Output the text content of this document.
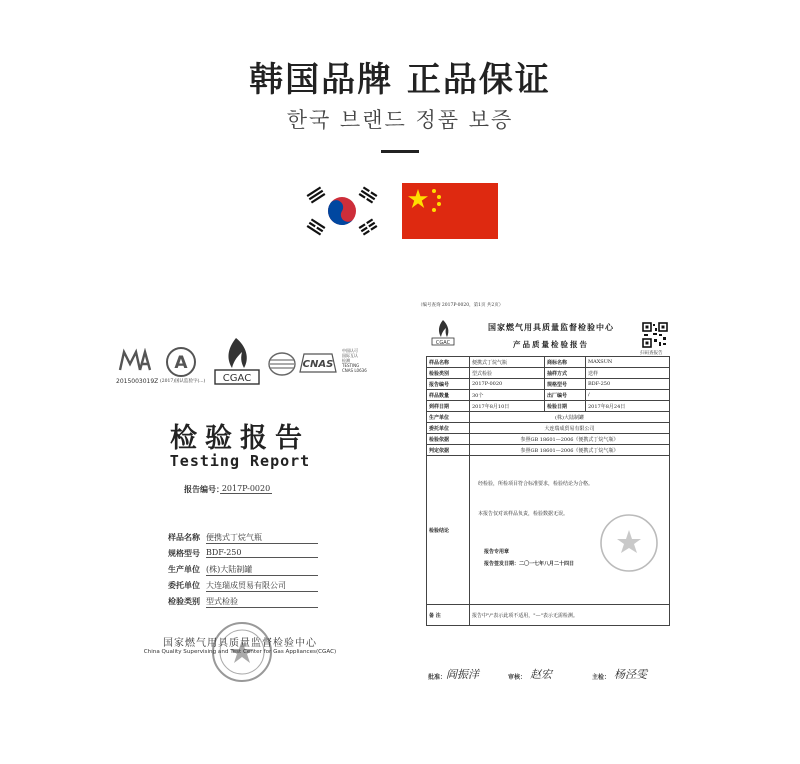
韩国品牌 正品保证
한국 브랜드 정품 보증
2015003019Z
A
(2017)国认监验字(...) CGAC
CNAS
中国认可
国际互认
检测
TESTING
CNAS L0636
检验报告
Testing Report
报告编号：
2017P-0020
样品名称 便携式丁烷气瓶
规格型号 BDF-250
生产单位 (株)大陆制罐
委托单位 大连瑞成贸易有限公司
检验类别 型式检验
国家燃气用具质量监督检验中心
China Quality Supervising and Test Center for Gas Appliances(CGAC)
（编号查询 2017P-0020，第1页 共2页）
CGAC
国家燃气用具质量监督检验中心
产品质量检验报告
扫码查报告
样品名称	便携式丁烷气瓶	商标名称	MAXSUN
检验类别	型式检验	抽样方式	送样
报告编号	2017P-0020	规格型号	BDF-250
样品数量	30个	出厂编号	/
到样日期	2017年8月10日	检验日期	2017年8月24日
生产单位	(株)大陆制罐		
委托单位	大连瑞成贸易有限公司		
检验依据	参照GB 18601—2006《便携式丁烷气瓶》		
判定依据	参照GB 18601—2006《便携式丁烷气瓶》		
检验结论	经检验，所检项目符合标准要求，检验结论为合格。
本报告仅对该样品负责，检验数据无误。
报告专用章
报告签发日期：二〇一七年八月二十四日		

备 注	报告中"/"表示此项不适用，"—"表示无需检测。		
批准： 阎振洋	审核： 赵宏	主检： 杨泾雯
